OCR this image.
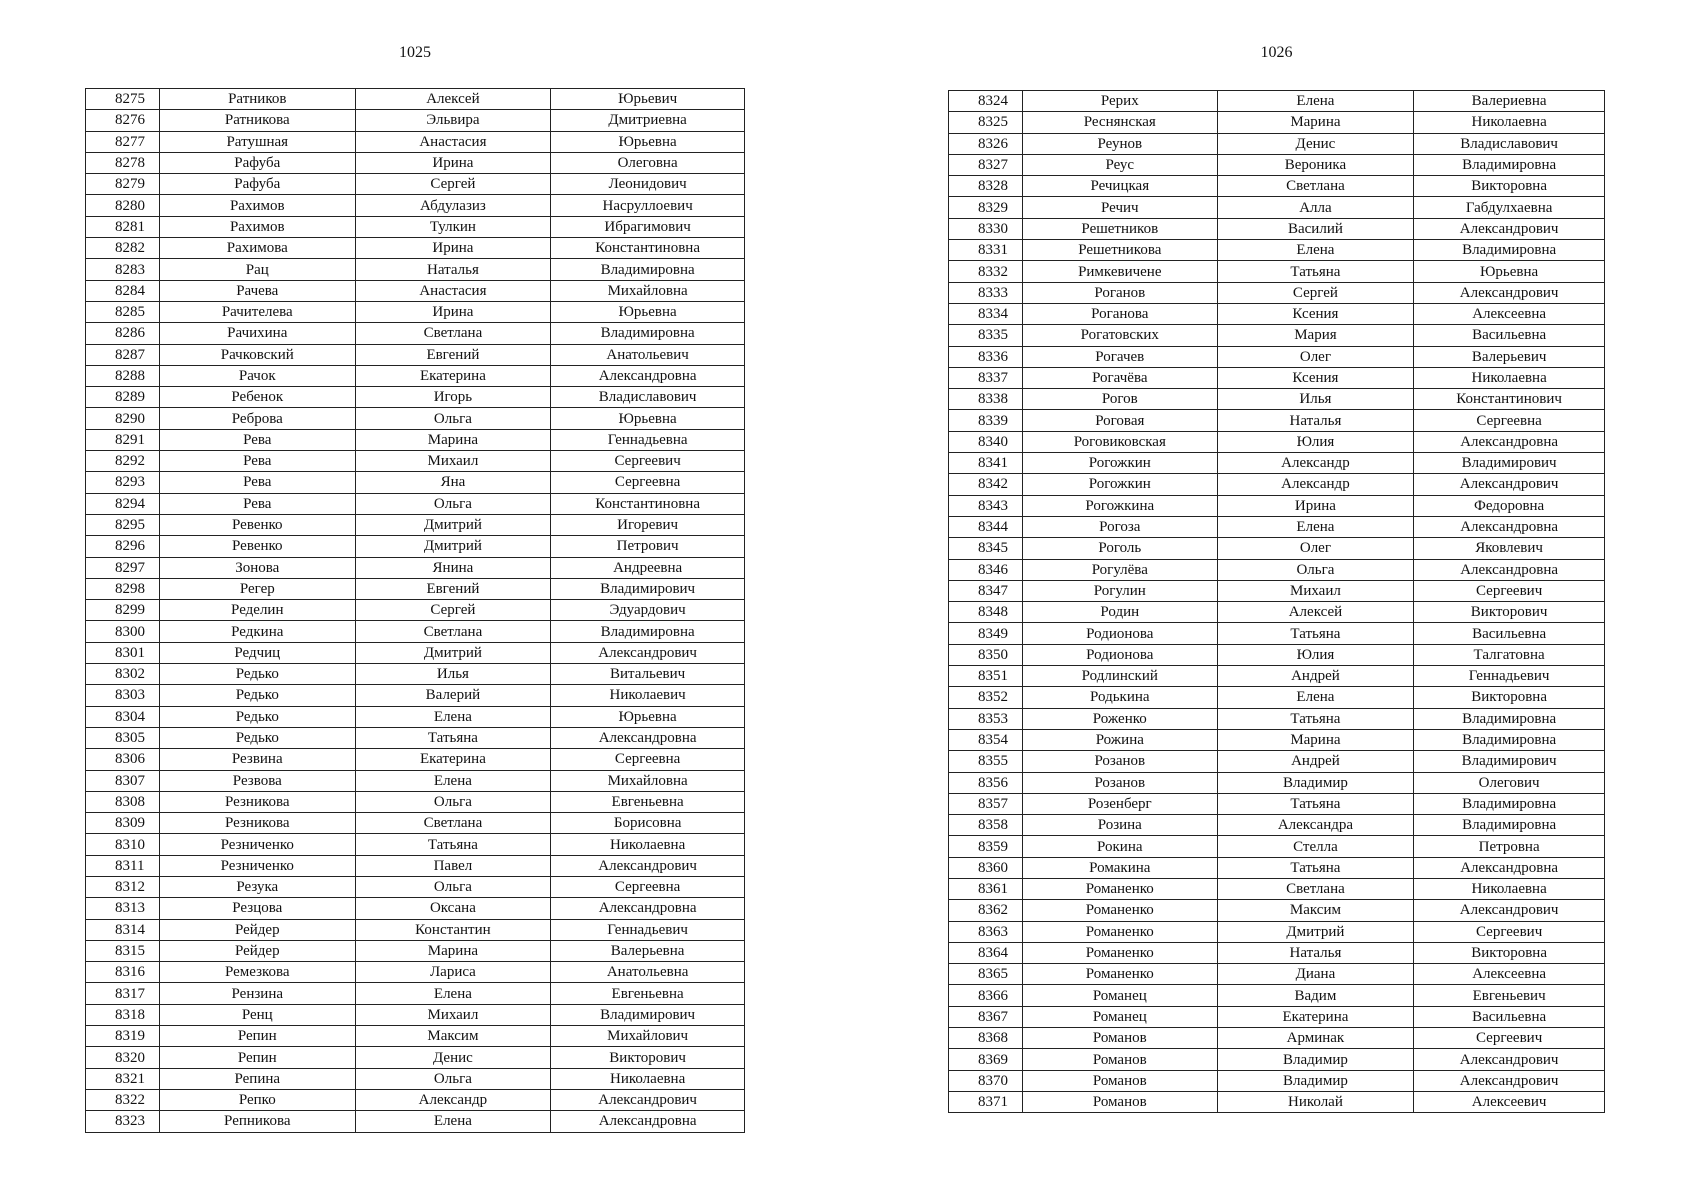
1025
8275	Ратников	Алексей	Юрьевич
8276	Ратникова	Эльвира	Дмитриевна
8277	Ратушная	Анастасия	Юрьевна
8278	Рафуба	Ирина	Олеговна
8279	Рафуба	Сергей	Леонидович
8280	Рахимов	Абдулазиз	Насруллоевич
8281	Рахимов	Тулкин	Ибрагимович
8282	Рахимова	Ирина	Константиновна
8283	Рац	Наталья	Владимировна
8284	Рачева	Анастасия	Михайловна
8285	Рачителева	Ирина	Юрьевна
8286	Рачихина	Светлана	Владимировна
8287	Рачковский	Евгений	Анатольевич
8288	Рачок	Екатерина	Александровна
8289	Ребенок	Игорь	Владиславович
8290	Реброва	Ольга	Юрьевна
8291	Рева	Марина	Геннадьевна
8292	Рева	Михаил	Сергеевич
8293	Рева	Яна	Сергеевна
8294	Рева	Ольга	Константиновна
8295	Ревенко	Дмитрий	Игоревич
8296	Ревенко	Дмитрий	Петрович
8297	Зонова	Янина	Андреевна
8298	Регер	Евгений	Владимирович
8299	Ределин	Сергей	Эдуардович
8300	Редкина	Светлана	Владимировна
8301	Редчиц	Дмитрий	Александрович
8302	Редько	Илья	Витальевич
8303	Редько	Валерий	Николаевич
8304	Редько	Елена	Юрьевна
8305	Редько	Татьяна	Александровна
8306	Резвина	Екатерина	Сергеевна
8307	Резвова	Елена	Михайловна
8308	Резникова	Ольга	Евгеньевна
8309	Резникова	Светлана	Борисовна
8310	Резниченко	Татьяна	Николаевна
8311	Резниченко	Павел	Александрович
8312	Резука	Ольга	Сергеевна
8313	Резцова	Оксана	Александровна
8314	Рейдер	Константин	Геннадьевич
8315	Рейдер	Марина	Валерьевна
8316	Ремезкова	Лариса	Анатольевна
8317	Рензина	Елена	Евгеньевна
8318	Ренц	Михаил	Владимирович
8319	Репин	Максим	Михайлович
8320	Репин	Денис	Викторович
8321	Репина	Ольга	Николаевна
8322	Репко	Александр	Александрович
8323	Репникова	Елена	Александровна
1026
8324	Рерих	Елена	Валериевна
8325	Реснянская	Марина	Николаевна
8326	Реунов	Денис	Владиславович
8327	Реус	Вероника	Владимировна
8328	Речицкая	Светлана	Викторовна
8329	Речич	Алла	Габдулхаевна
8330	Решетников	Василий	Александрович
8331	Решетникова	Елена	Владимировна
8332	Римкевичене	Татьяна	Юрьевна
8333	Роганов	Сергей	Александрович
8334	Роганова	Ксения	Алексеевна
8335	Рогатовских	Мария	Васильевна
8336	Рогачев	Олег	Валерьевич
8337	Рогачёва	Ксения	Николаевна
8338	Рогов	Илья	Константинович
8339	Роговая	Наталья	Сергеевна
8340	Роговиковская	Юлия	Александровна
8341	Рогожкин	Александр	Владимирович
8342	Рогожкин	Александр	Александрович
8343	Рогожкина	Ирина	Федоровна
8344	Рогоза	Елена	Александровна
8345	Роголь	Олег	Яковлевич
8346	Рогулёва	Ольга	Александровна
8347	Рогулин	Михаил	Сергеевич
8348	Родин	Алексей	Викторович
8349	Родионова	Татьяна	Васильевна
8350	Родионова	Юлия	Талгатовна
8351	Родлинский	Андрей	Геннадьевич
8352	Родькина	Елена	Викторовна
8353	Роженко	Татьяна	Владимировна
8354	Рожина	Марина	Владимировна
8355	Розанов	Андрей	Владимирович
8356	Розанов	Владимир	Олегович
8357	Розенберг	Татьяна	Владимировна
8358	Розина	Александра	Владимировна
8359	Рокина	Стелла	Петровна
8360	Ромакина	Татьяна	Александровна
8361	Романенко	Светлана	Николаевна
8362	Романенко	Максим	Александрович
8363	Романенко	Дмитрий	Сергеевич
8364	Романенко	Наталья	Викторовна
8365	Романенко	Диана	Алексеевна
8366	Романец	Вадим	Евгеньевич
8367	Романец	Екатерина	Васильевна
8368	Романов	Арминак	Сергеевич
8369	Романов	Владимир	Александрович
8370	Романов	Владимир	Александрович
8371	Романов	Николай	Алексеевич
